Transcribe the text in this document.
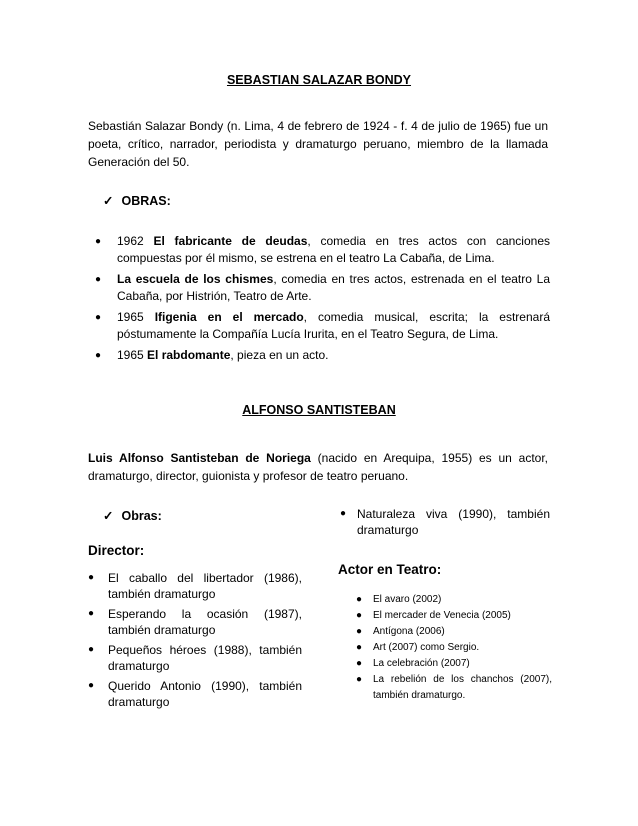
SEBASTIAN SALAZAR BONDY
Sebastián Salazar Bondy (n. Lima, 4 de febrero de 1924 - f. 4 de julio de 1965) fue un poeta, crítico, narrador, periodista y dramaturgo peruano, miembro de la llamada Generación del 50.
✓ OBRAS:
● 1962 El fabricante de deudas, comedia en tres actos con canciones compuestas por él mismo, se estrena en el teatro La Cabaña, de Lima.
● La escuela de los chismes, comedia en tres actos, estrenada en el teatro La Cabaña, por Histrión, Teatro de Arte.
● 1965 Ifigenia en el mercado, comedia musical, escrita; la estrenará póstumamente la Compañía Lucía Irurita, en el Teatro Segura, de Lima.
● 1965 El rabdomante, pieza en un acto.
ALFONSO SANTISTEBAN
Luis Alfonso Santisteban de Noriega (nacido en Arequipa, 1955) es un actor, dramaturgo, director, guionista y profesor de teatro peruano.
✓ Obras:
Director:
● El caballo del libertador (1986), también dramaturgo
● Esperando la ocasión (1987), también dramaturgo
● Pequeños héroes (1988), también dramaturgo
● Querido Antonio (1990), también dramaturgo
● Naturaleza viva (1990), también dramaturgo
Actor en Teatro:
● El avaro (2002)
● El mercader de Venecia (2005)
● Antígona (2006)
● Art (2007) como Sergio.
● La celebración (2007)
● La rebelión de los chanchos (2007), también dramaturgo.
